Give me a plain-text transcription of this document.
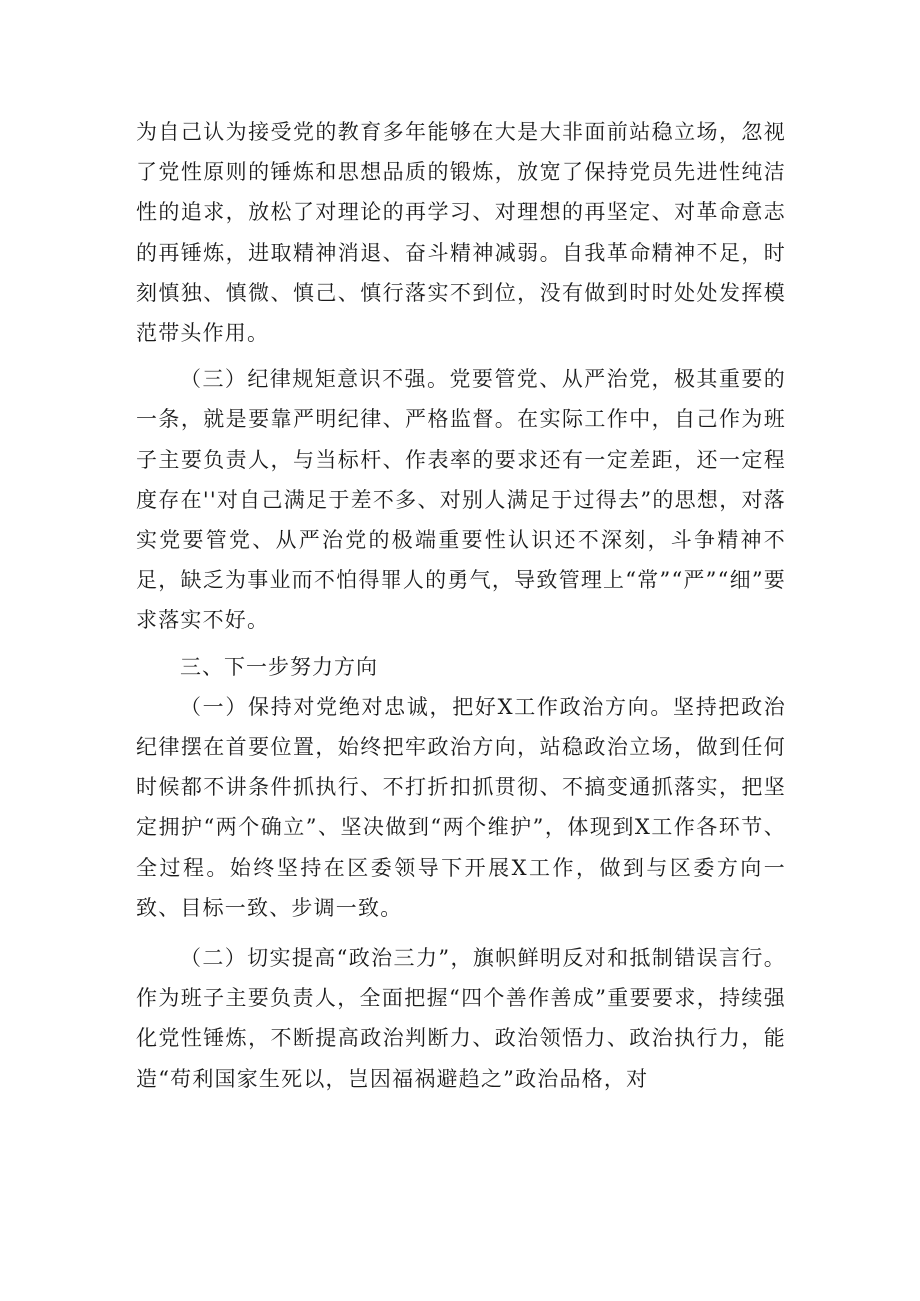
为自己认为接受党的教育多年能够在大是大非面前站稳立场，忽视了党性原则的锤炼和思想品质的锻炼，放宽了保持党员先进性纯洁性的追求，放松了对理论的再学习、对理想的再坚定、对革命意志的再锤炼，进取精神消退、奋斗精神减弱。自我革命精神不足，时刻慎独、慎微、慎己、慎行落实不到位，没有做到时时处处发挥模范带头作用。

（三）纪律规矩意识不强。党要管党、从严治党，极其重要的一条，就是要靠严明纪律、严格监督。在实际工作中，自己作为班子主要负责人，与当标杆、作表率的要求还有一定差距，还一定程度存在''对自己满足于差不多、对别人满足于过得去”的思想，对落实党要管党、从严治党的极端重要性认识还不深刻，斗争精神不足，缺乏为事业而不怕得罪人的勇气，导致管理上“常”“严”“细”要求落实不好。

三、下一步努力方向

（一）保持对党绝对忠诚，把好X工作政治方向。坚持把政治纪律摆在首要位置，始终把牢政治方向，站稳政治立场，做到任何时候都不讲条件抓执行、不打折扣抓贯彻、不搞变通抓落实，把坚定拥护“两个确立”、坚决做到“两个维护”，体现到X工作各环节、全过程。始终坚持在区委领导下开展X工作，做到与区委方向一致、目标一致、步调一致。

（二）切实提高“政治三力”，旗帜鲜明反对和抵制错误言行。作为班子主要负责人，全面把握“四个善作善成”重要要求，持续强化党性锤炼，不断提高政治判断力、政治领悟力、政治执行力，能造“苟利国家生死以，岂因福祸避趋之”政治品格，对
